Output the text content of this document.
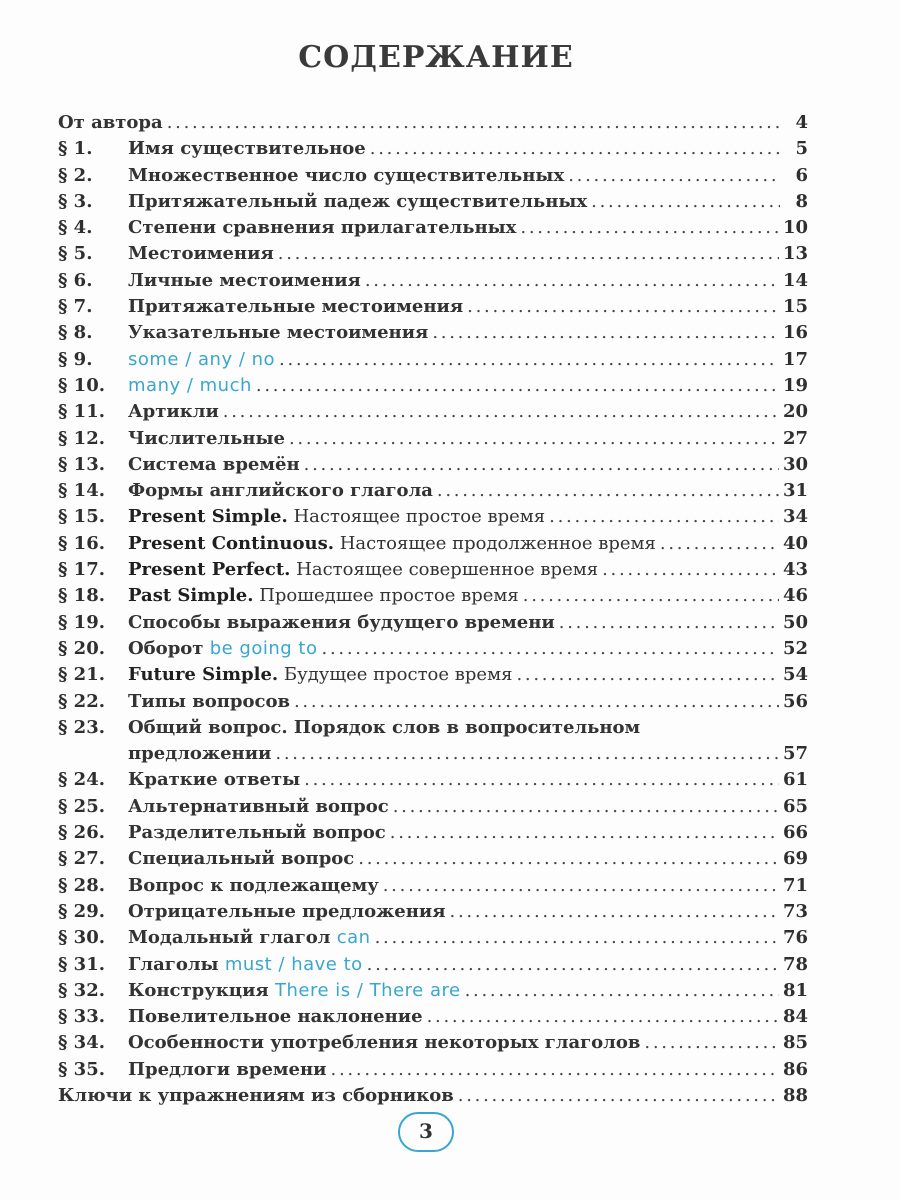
СОДЕРЖАНИЕ
От автора . . .	4
§ 1.	Имя существительное . . .	5
§ 2.	Множественное число существительных . . .	6
§ 3.	Притяжательный падеж существительных . . .	8
§ 4.	Степени сравнения прилагательных . . .	10
§ 5.	Местоимения . . .	13
§ 6.	Личные местоимения . . .	14
§ 7.	Притяжательные местоимения . . .	15
§ 8.	Указательные местоимения . . .	16
§ 9.	some / any / no . . .	17
§ 10.	many / much . . .	19
§ 11.	Артикли . . .	20
§ 12.	Числительные . . .	27
§ 13.	Система времён . . .	30
§ 14.	Формы английского глагола . . .	31
§ 15.	Present Simple. Настоящее простое время . . .	34
§ 16.	Present Continuous. Настоящее продолженное время . . .	40
§ 17.	Present Perfect. Настоящее совершенное время . . .	43
§ 18.	Past Simple. Прошедшее простое время . . .	46
§ 19.	Способы выражения будущего времени . . .	50
§ 20.	Оборот be going to . . .	52
§ 21.	Future Simple. Будущее простое время . . .	54
§ 22.	Типы вопросов . . .	56
§ 23.	Общий вопрос. Порядок слов в вопросительном
предложении . . .	57
§ 24.	Краткие ответы . . .	61
§ 25.	Альтернативный вопрос . . .	65
§ 26.	Разделительный вопрос . . .	66
§ 27.	Специальный вопрос . . .	69
§ 28.	Вопрос к подлежащему . . .	71
§ 29.	Отрицательные предложения . . .	73
§ 30.	Модальный глагол can . . .	76
§ 31.	Глаголы must / have to . . .	78
§ 32.	Конструкция There is / There are . . .	81
§ 33.	Повелительное наклонение . . .	84
§ 34.	Особенности употребления некоторых глаголов . . .	85
§ 35.	Предлоги времени . . .	86
Ключи к упражнениям из сборников . . .	88
3
